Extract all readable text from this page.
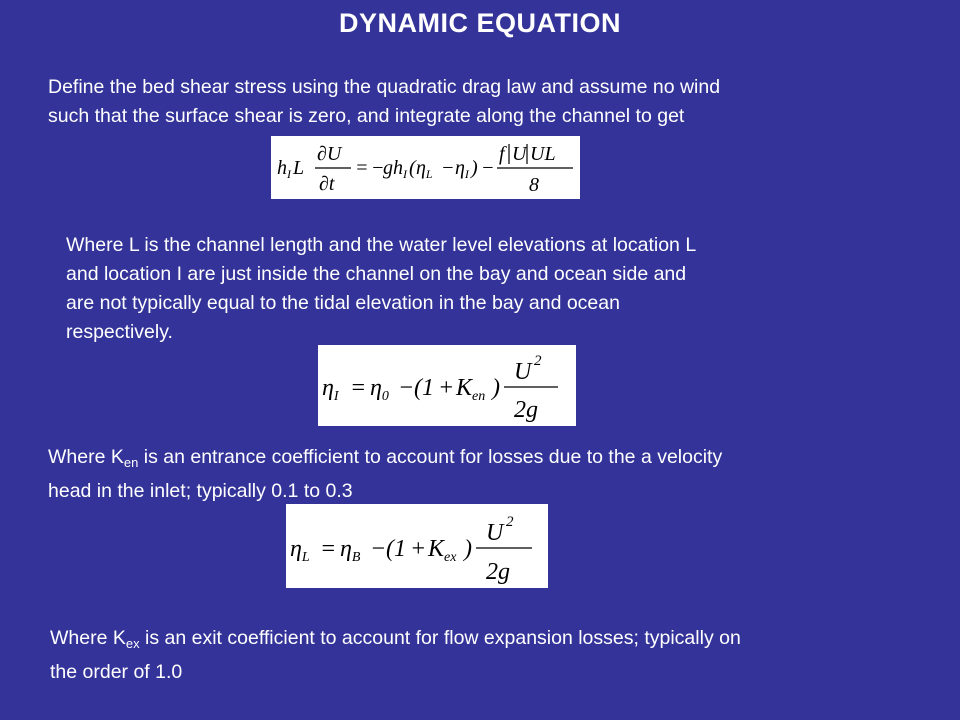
DYNAMIC EQUATION
Define the bed shear stress using the quadratic drag law and assume no wind
such that the surface shear is zero, and integrate along the channel to get
$h_I$ L
∂U
∂t
= −
$gh_I$ ( $\eta_L - \eta_I$ ) −
f U UL
8
Where L is the channel length and the water level elevations at location L
and location I are just inside the channel on the bay and ocean side and
are not typically equal to the tidal elevation in the bay and ocean
respectively.
$\eta_I = \eta_0 - (1 + K_{en}$ )
U 2
2g
Where $K_{en}$ is an entrance coefficient to account for losses due to the a velocity
head in the inlet; typically 0.1 to 0.3
$\eta_L = \eta_B - (1 + K_{ex}$ )
U 2
2g
Where $K_{ex}$ is an exit coefficient to account for flow expansion losses; typically on
the order of 1.0
